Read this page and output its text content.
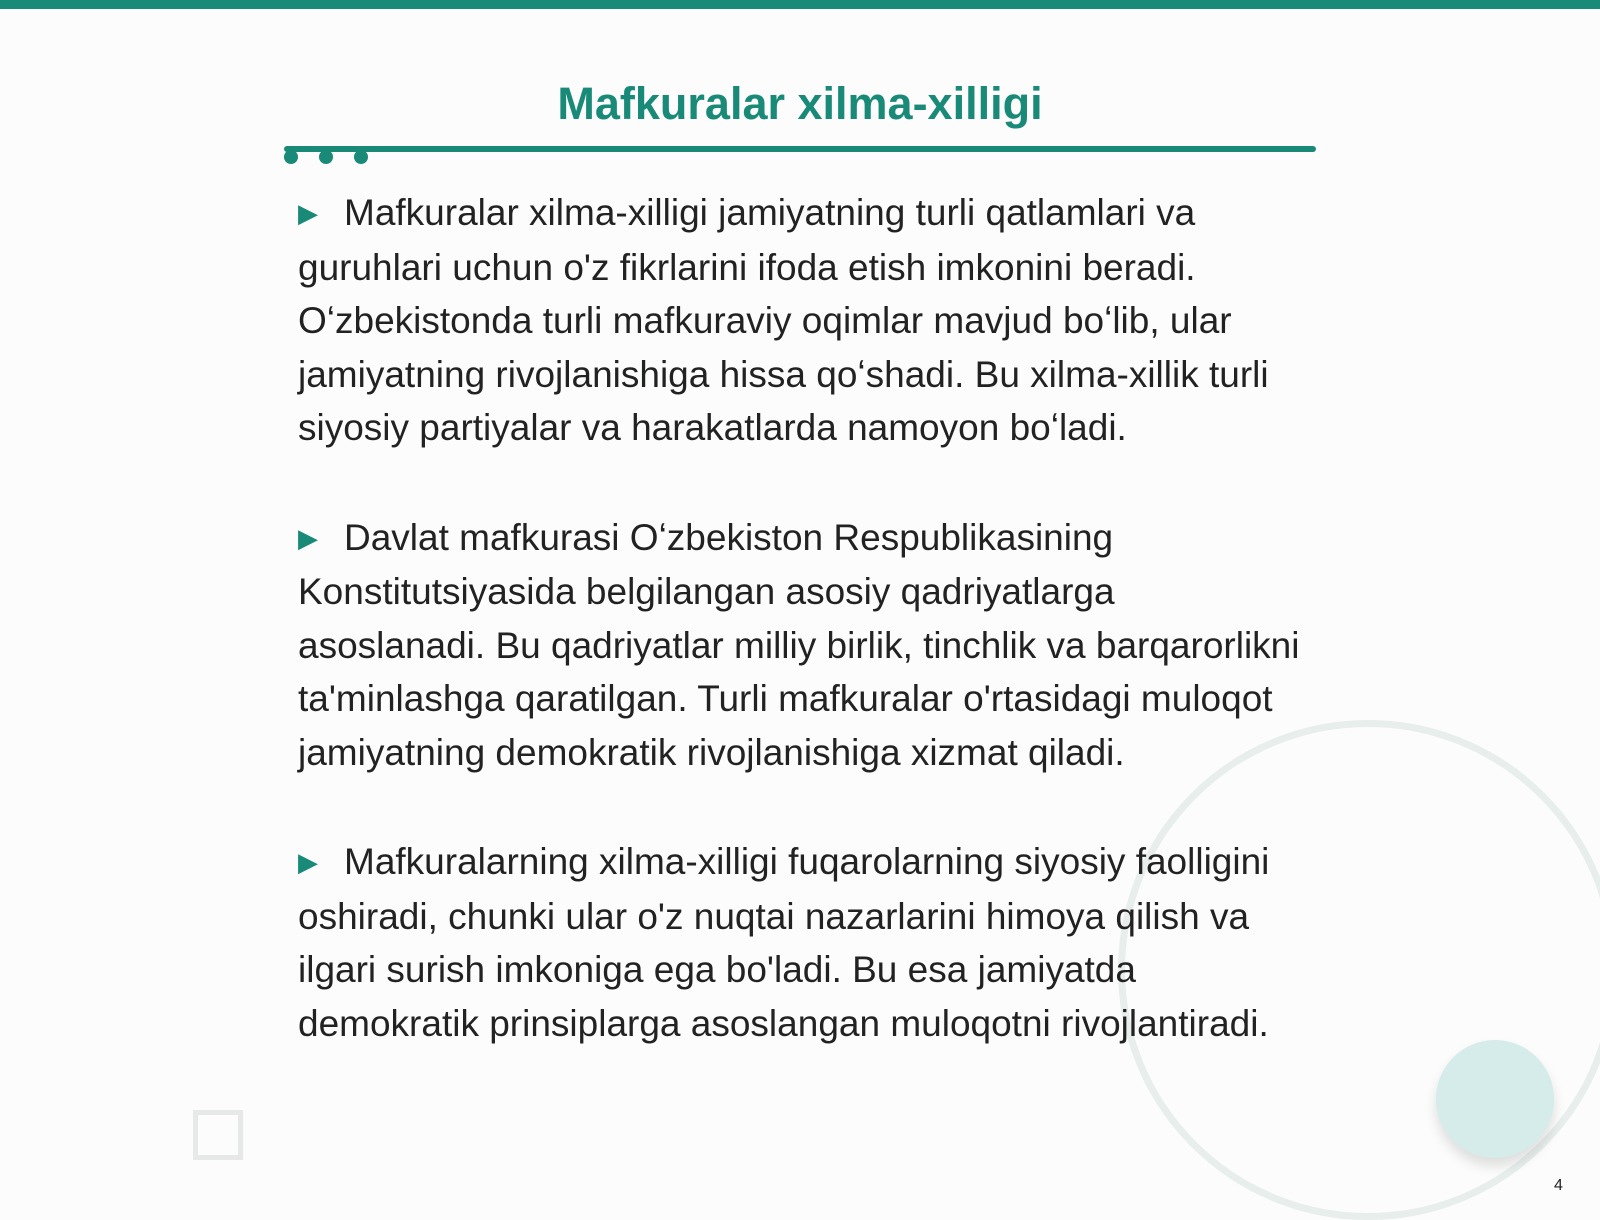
Mafkuralar xilma-xilligi

▶ Mafkuralar xilma-xilligi jamiyatning turli qatlamlari va guruhlari uchun o'z fikrlarini ifoda etish imkonini beradi. Oʻzbekistonda turli mafkuraviy oqimlar mavjud boʻlib, ular jamiyatning rivojlanishiga hissa qoʻshadi. Bu xilma-xillik turli siyosiy partiyalar va harakatlarda namoyon boʻladi.

▶ Davlat mafkurasi Oʻzbekiston Respublikasining Konstitutsiyasida belgilangan asosiy qadriyatlarga asoslanadi. Bu qadriyatlar milliy birlik, tinchlik va barqarorlikni ta'minlashga qaratilgan. Turli mafkuralar o'rtasidagi muloqot jamiyatning demokratik rivojlanishiga xizmat qiladi.

▶ Mafkuralarning xilma-xilligi fuqarolarning siyosiy faolligini oshiradi, chunki ular o'z nuqtai nazarlarini himoya qilish va ilgari surish imkoniga ega bo'ladi. Bu esa jamiyatda demokratik prinsiplarga asoslangan muloqotni rivojlantiradi.

4
